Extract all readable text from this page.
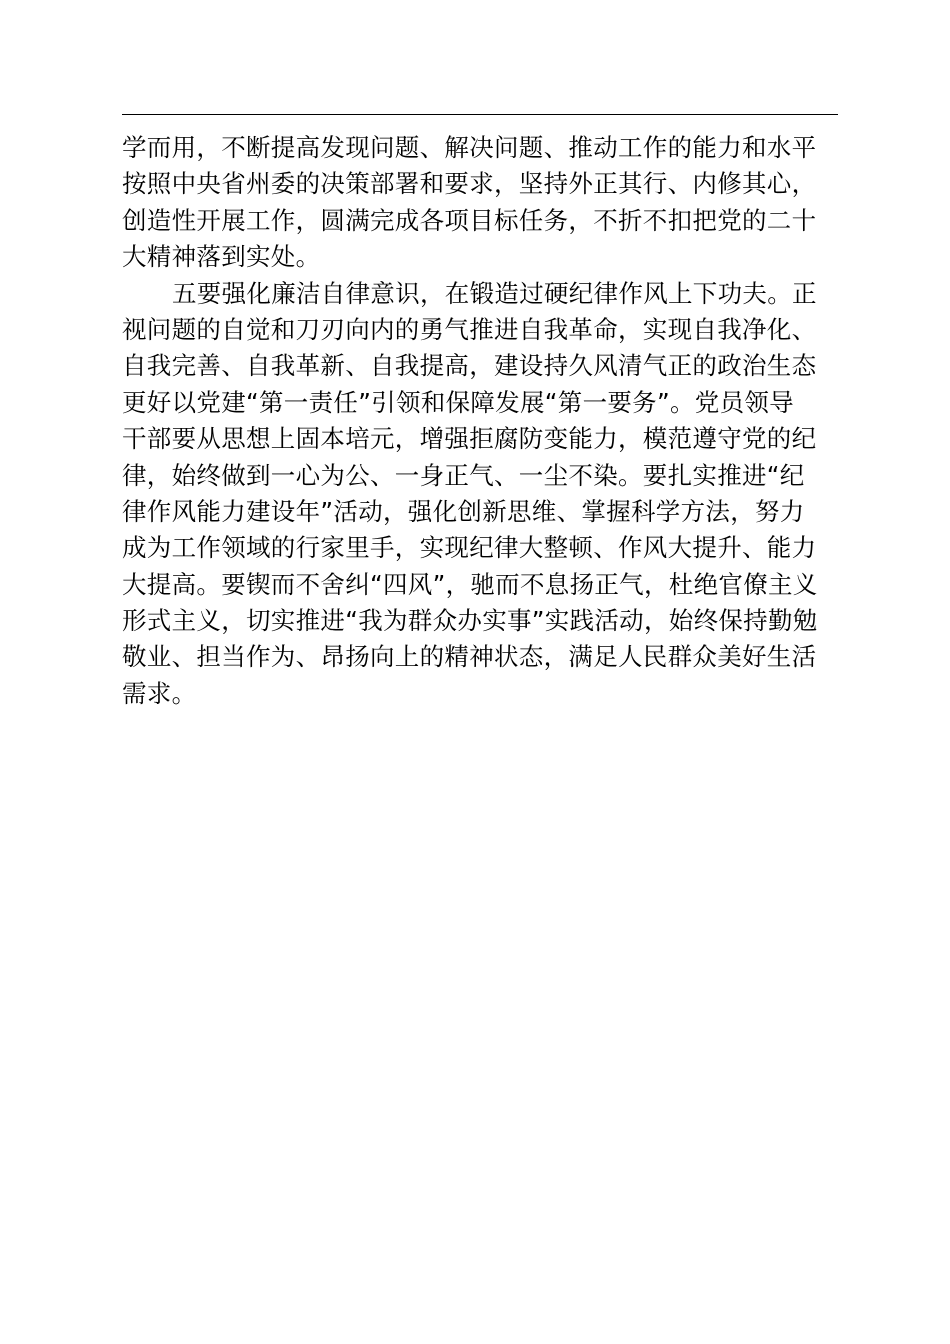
学而用，不断提高发现问题、解决问题、推动工作的能力和水平
按照中央省州委的决策部署和要求，坚持外正其行、内修其心，
创造性开展工作，圆满完成各项目标任务，不折不扣把党的二十
大精神落到实处。
五要强化廉洁自律意识，在锻造过硬纪律作风上下功夫。正
视问题的自觉和刀刃向内的勇气推进自我革命，实现自我净化、
自我完善、自我革新、自我提高，建设持久风清气正的政治生态
更好以党建“第一责任”引领和保障发展“第一要务”。党员领导
干部要从思想上固本培元，增强拒腐防变能力，模范遵守党的纪
律，始终做到一心为公、一身正气、一尘不染。要扎实推进“纪
律作风能力建设年”活动，强化创新思维、掌握科学方法，努力
成为工作领域的行家里手，实现纪律大整顿、作风大提升、能力
大提高。要锲而不舍纠“四风”，驰而不息扬正气，杜绝官僚主义
形式主义，切实推进“我为群众办实事”实践活动，始终保持勤勉
敬业、担当作为、昂扬向上的精神状态，满足人民群众美好生活
需求。
